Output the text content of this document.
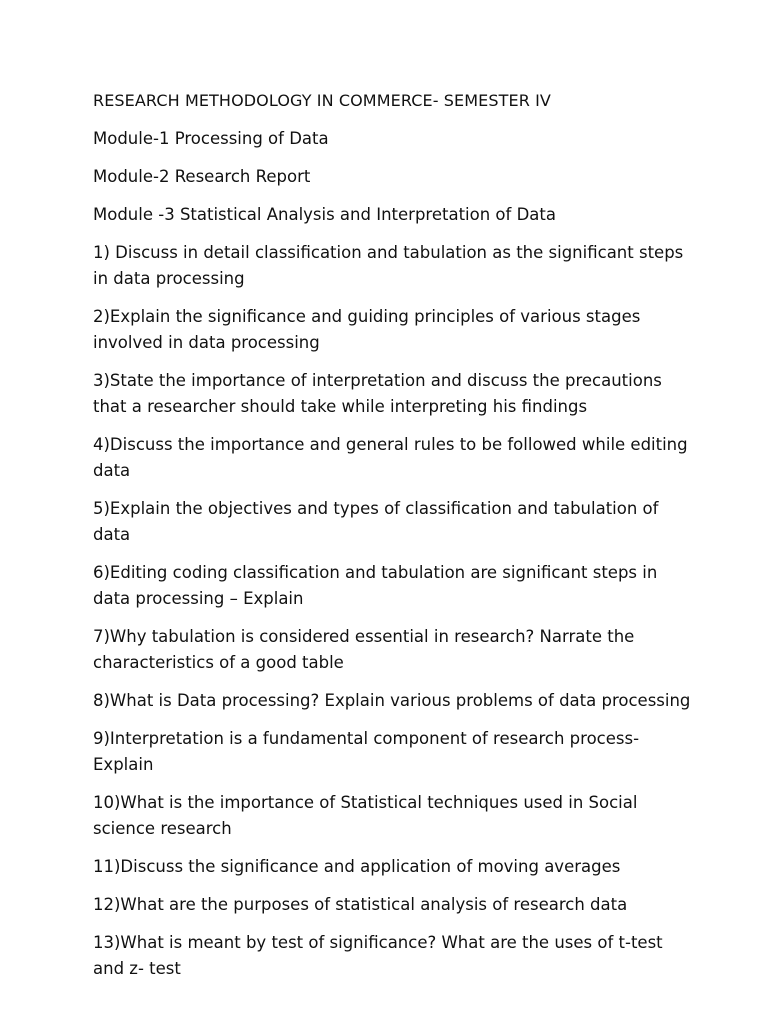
RESEARCH METHODOLOGY IN COMMERCE- SEMESTER IV

Module-1 Processing of Data

Module-2 Research Report

Module -3 Statistical Analysis and Interpretation of Data

1) Discuss in detail classification and tabulation as the significant steps in data processing

2)Explain the significance and guiding principles of various stages involved in data processing

3)State the importance of interpretation and discuss the precautions that a researcher should take while interpreting his findings

4)Discuss the importance and general rules to be followed while editing data

5)Explain the objectives and types of classification and tabulation of data

6)Editing coding classification and tabulation are significant steps in data processing – Explain

7)Why tabulation is considered essential in research? Narrate the characteristics of a good table

8)What is Data processing? Explain various problems of data processing

9)Interpretation is a fundamental component of research process-Explain

10)What is the importance of Statistical techniques used in Social science research

11)Discuss the significance and application of moving averages

12)What are the purposes of statistical analysis of research data

13)What is meant by test of significance? What are the uses of t-test and z- test
